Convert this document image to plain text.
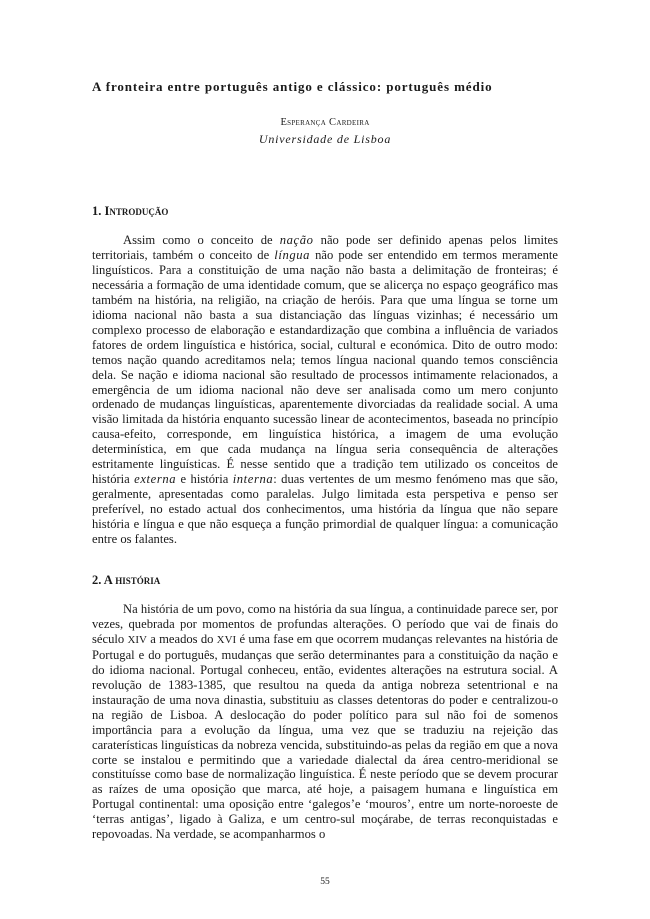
A fronteira entre português antigo e clássico: português médio
Esperança Cardeira
Universidade de Lisboa
1. Introdução

Assim como o conceito de nação não pode ser definido apenas pelos limites territoriais, também o conceito de língua não pode ser entendido em termos meramente linguísticos. Para a constituição de uma nação não basta a delimitação de fronteiras; é necessária a formação de uma identidade comum, que se alicerça no espaço geográfico mas também na história, na religião, na criação de heróis. Para que uma língua se torne um idioma nacional não basta a sua distanciação das línguas vizinhas; é necessário um complexo processo de elaboração e estandardização que combina a influência de variados fatores de ordem linguística e histórica, social, cultural e económica. Dito de outro modo: temos nação quando acreditamos nela; temos língua nacional quando temos consciência dela. Se nação e idioma nacional são resultado de processos intimamente relacionados, a emergência de um idioma nacional não deve ser analisada como um mero conjunto ordenado de mudanças linguísticas, aparentemente divorciadas da realidade social. A uma visão limitada da história enquanto sucessão linear de acontecimentos, baseada no princípio causa-efeito, corresponde, em linguística histórica, a imagem de uma evolução determinística, em que cada mudança na língua seria consequência de alterações estritamente linguísticas. É nesse sentido que a tradição tem utilizado os conceitos de história externa e história interna: duas vertentes de um mesmo fenómeno mas que são, geralmente, apresentadas como paralelas. Julgo limitada esta perspetiva e penso ser preferível, no estado actual dos conhecimentos, uma história da língua que não separe história e língua e que não esqueça a função primordial de qualquer língua: a comunicação entre os falantes.

2. A história

Na história de um povo, como na história da sua língua, a continuidade parece ser, por vezes, quebrada por momentos de profundas alterações. O período que vai de finais do século XIV a meados do XVI é uma fase em que ocorrem mudanças relevantes na história de Portugal e do português, mudanças que serão determinantes para a constituição da nação e do idioma nacional. Portugal conheceu, então, evidentes alterações na estrutura social. A revolução de 1383-1385, que resultou na queda da antiga nobreza setentrional e na instauração de uma nova dinastia, substituiu as classes detentoras do poder e centralizou-o na região de Lisboa. A deslocação do poder político para sul não foi de somenos importância para a evolução da língua, uma vez que se traduziu na rejeição das caraterísticas linguísticas da nobreza vencida, substituindo-as pelas da região em que a nova corte se instalou e permitindo que a variedade dialectal da área centro-meridional se constituísse como base de normalização linguística. É neste período que se devem procurar as raízes de uma oposição que marca, até hoje, a paisagem humana e linguística em Portugal continental: uma oposição entre ‘galegos’e ‘mouros’, entre um norte-noroeste de ‘terras antigas’, ligado à Galiza, e um centro-sul moçárabe, de terras reconquistadas e repovoadas. Na verdade, se acompanharmos o

55
